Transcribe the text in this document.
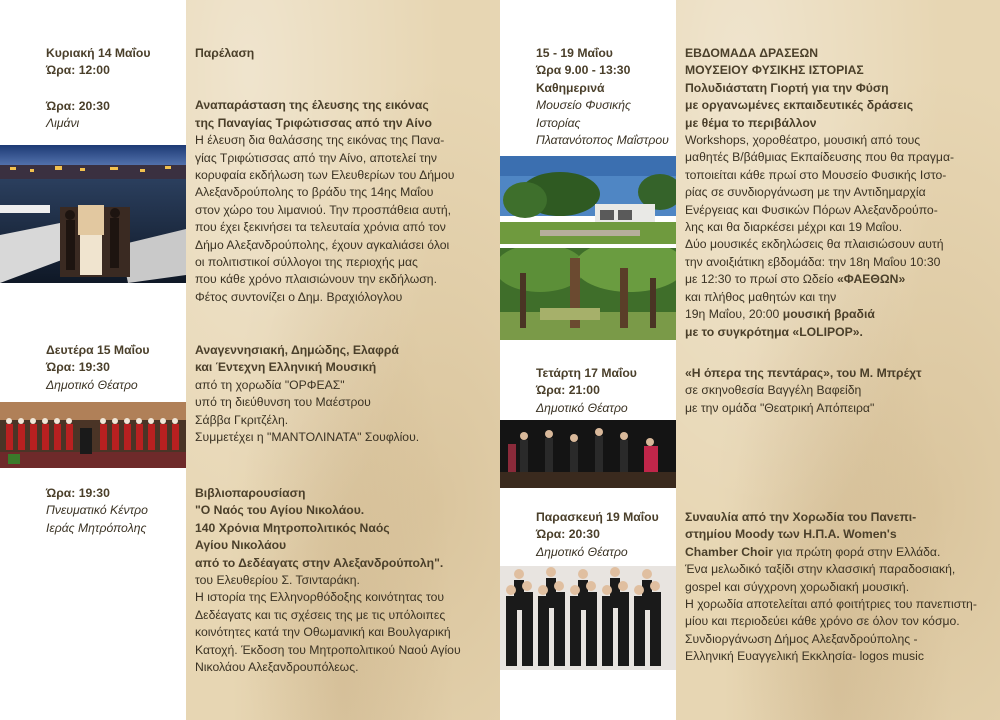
Κυριακή 14 Μαΐου
Ώρα: 12:00
Ώρα: 20:30
Λιμάνι
Παρέλαση
Αναπαράσταση της έλευσης της εικόνας
της Παναγίας Τριφώτισσας από την Αίνο
Η έλευση δια θαλάσσης της εικόνας της Πανα-
γίας Τριφώτισσας από την Αίνο, αποτελεί την
κορυφαία εκδήλωση των Ελευθερίων του Δήμου
Αλεξανδρούπολης το βράδυ της 14ης Μαΐου
στον χώρο του λιμανιού. Την προσπάθεια αυτή,
που έχει ξεκινήσει τα τελευταία χρόνια από τον
Δήμο Αλεξανδρούπολης, έχουν αγκαλιάσει όλοι
οι πολιτιστικοί σύλλογοι της περιοχής μας
που κάθε χρόνο πλαισιώνουν την εκδήλωση.
Φέτος συντονίζει ο Δημ. Βραχιόλογλου
Δευτέρα 15 Μαΐου
Ώρα: 19:30
Δημοτικό Θέατρο
Αναγεννησιακή, Δημώδης, Ελαφρά
και Έντεχνη Ελληνική Μουσική
από τη χορωδία "ΟΡΦΕΑΣ"
υπό τη διεύθυνση του Μαέστρου
Σάββα Γκριτζέλη.
Συμμετέχει η "ΜΑΝΤΟΛΙΝΑΤΑ" Σουφλίου.
Ώρα: 19:30
Πνευματικό Κέντρο
Ιεράς Μητρόπολης
Βιβλιοπαρουσίαση
"Ο Ναός του Αγίου Νικολάου.
140 Χρόνια Μητροπολιτικός Ναός
Αγίου Νικολάου
από το Δεδέαγατς στην Αλεξανδρούπολη".
του Ελευθερίου Σ. Τσινταράκη.
Η ιστορία της Ελληνορθόδοξης κοινότητας του
Δεδέαγατς και τις σχέσεις της με τις υπόλοιπες
κοινότητες κατά την Οθωμανική και Βουλγαρική
Κατοχή. Έκδοση του Μητροπολιτικού Ναού Αγίου
Νικολάου Αλεξανδρουπόλεως.
15 - 19 Μαΐου
Ώρα 9.00 - 13:30
Καθημερινά
Μουσείο Φυσικής
Ιστορίας
Πλατανότοπος Μαΐστρου
ΕΒΔΟΜΑΔΑ ΔΡΑΣΕΩΝ
ΜΟΥΣΕΙΟΥ ΦΥΣΙΚΗΣ ΙΣΤΟΡΙΑΣ
Πολυδιάστατη Γιορτή για την Φύση
με οργανωμένες εκπαιδευτικές δράσεις
με θέμα το περιβάλλον
Workshops, χοροθέατρο, μουσική από τους
μαθητές Β/βάθμιας Εκπαίδευσης που θα πραγμα-
τοποιείται κάθε πρωί στο Μουσείο Φυσικής Ιστο-
ρίας σε συνδιοργάνωση με την Αντιδημαρχία
Ενέργειας και Φυσικών Πόρων Αλεξανδρούπο-
λης και θα διαρκέσει μέχρι και 19 Μαΐου.
Δύο μουσικές εκδηλώσεις θα πλαισιώσουν αυτή
την ανοιξιάτικη εβδομάδα: την 18η Μαΐου 10:30
με 12:30 το πρωί στο Ωδείο «ΦΑΕΘΩΝ»
και πλήθος μαθητών και την
19η Μαΐου, 20:00 μουσική βραδιά
με το συγκρότημα «LOLIPOP».
Τετάρτη 17 Μαΐου
Ώρα: 21:00
Δημοτικό Θέατρο
«Η όπερα της πεντάρας», του Μ. Μπρέχτ
σε σκηνοθεσία Βαγγέλη Βαφείδη
με την ομάδα "Θεατρική Απόπειρα"
Παρασκευή 19 Μαΐου
Ώρα: 20:30
Δημοτικό Θέατρο
Συναυλία από την Χορωδία του Πανεπι-
στημίου Moody των Η.Π.Α. Women's
Chamber Choir για πρώτη φορά στην Ελλάδα.
Ένα μελωδικό ταξίδι στην κλασσική παραδοσιακή,
gospel και σύγχρονη χορωδιακή μουσική.
Η χορωδία αποτελείται από φοιτήτριες του πανεπιστη-
μίου και περιοδεύει κάθε χρόνο σε όλον τον κόσμο.
Συνδιοργάνωση Δήμος Αλεξανδρούπολης -
Ελληνική Ευαγγελική Εκκλησία- logos music
